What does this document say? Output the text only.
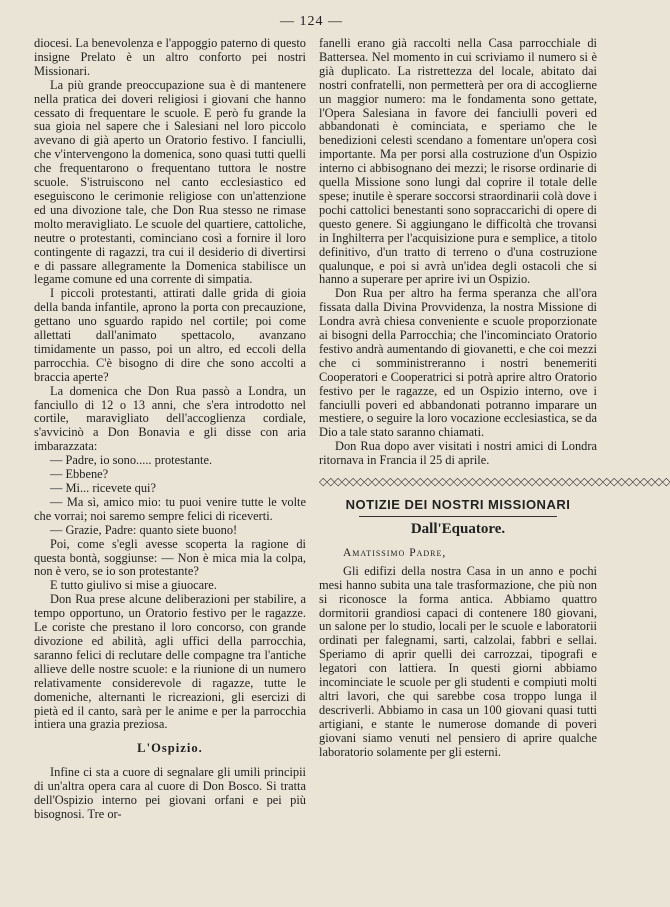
— 124 —

diocesi. La benevolenza e l'appoggio paterno di questo insigne Prelato è un altro conforto pei nostri Missionari.

La più grande preoccupazione sua è di mantenere nella pratica dei doveri religiosi i giovani che hanno cessato di frequentare le scuole. E però fu grande la sua gioia nel sapere che i Salesiani nel loro piccolo avevano di già aperto un Oratorio festivo. I fanciulli, che v'intervengono la domenica, sono quasi tutti quelli che frequentarono o frequentano tuttora le nostre scuole. S'istruiscono nel canto ecclesiastico ed eseguiscono le cerimonie religiose con un'attenzione ed una divozione tale, che Don Rua stesso ne rimase molto meravigliato. Le scuole del quartiere, cattoliche, neutre o protestanti, cominciano così a fornire il loro contingente di ragazzi, tra cui il desiderio di divertirsi e di passare allegramente la Domenica stabilisce un legame comune ed una corrente di simpatia.

I piccoli protestanti, attirati dalle grida di gioia della banda infantile, aprono la porta con precauzione, gettano uno sguardo rapido nel cortile; poi come allettati dall'animato spettacolo, avanzano timidamente un passo, poi un altro, ed eccoli della parrocchia. C'è bisogno di dire che sono accolti a braccia aperte?

La domenica che Don Rua passò a Londra, un fanciullo di 12 o 13 anni, che s'era introdotto nel cortile, maravigliato dell'accoglienza cordiale, s'avvicinò a Don Bonavia e gli disse con aria imbarazzata:

— Padre, io sono..... protestante.

— Ebbene?

— Mi... ricevete qui?

— Ma sì, amico mio: tu puoi venire tutte le volte che vorrai; noi saremo sempre felici di riceverti.

— Grazie, Padre: quanto siete buono!

Poi, come s'egli avesse scoperta la ragione di questa bontà, soggiunse: — Non è mica mia la colpa, non è vero, se io son protestante?

E tutto giulivo si mise a giuocare.

Don Rua prese alcune deliberazioni per stabilire, a tempo opportuno, un Oratorio festivo per le ragazze. Le coriste che prestano il loro concorso, con grande divozione ed abilità, agli uffici della parrocchia, saranno felici di reclutare delle compagne tra l'antiche allieve delle nostre scuole: e la riunione di un numero relativamente considerevole di ragazze, tutte le domeniche, alternanti le ricreazioni, gli esercizi di pietà ed il canto, sarà per le anime e per la parrocchia intiera una grazia preziosa.

L'Ospizio.

Infine ci sta a cuore di segnalare gli umili principii di un'altra opera cara al cuore di Don Bosco. Si tratta dell'Ospizio interno pei giovani orfani e pei più bisognosi. Tre or-

fanelli erano già raccolti nella Casa parrocchiale di Battersea. Nel momento in cui scriviamo il numero si è già duplicato. La ristrettezza del locale, abitato dai nostri confratelli, non permetterà per ora di accoglierne un maggior numero: ma le fondamenta sono gettate, l'Opera Salesiana in favore dei fanciulli poveri ed abbandonati è cominciata, e speriamo che le benedizioni celesti scendano a fomentare un'opera così importante. Ma per porsi alla costruzione d'un Ospizio interno ci abbisognano dei mezzi; le risorse ordinarie di quella Missione sono lungi dal coprire il totale delle spese; inutile è sperare soccorsi straordinarii colà dove i pochi cattolici benestanti sono sopraccarichi di opere di questo genere. Si aggiungano le difficoltà che trovansi in Inghilterra per l'acquisizione pura e semplice, a titolo definitivo, d'un tratto di terreno o d'una costruzione qualunque, e poi si avrà un'idea degli ostacoli che si hanno a superare per aprire ivi un Ospizio.

Don Rua per altro ha ferma speranza che all'ora fissata dalla Divina Provvidenza, la nostra Missione di Londra avrà chiesa conveniente e scuole proporzionate ai bisogni della Parrocchia; che l'incominciato Oratorio festivo andrà aumentando di giovanetti, e che coi mezzi che ci somministreranno i nostri benemeriti Cooperatori e Cooperatrici si potrà aprire altro Oratorio festivo per le ragazze, ed un Ospizio interno, ove i fanciulli poveri ed abbandonati potranno imparare un mestiere, o seguire la loro vocazione ecclesiastica, se da Dio a tale stato saranno chiamati.

Don Rua dopo aver visitati i nostri amici di Londra ritornava in Francia il 25 di aprile.

◇◇◇◇◇◇◇◇◇◇◇◇◇◇◇◇◇◇◇◇◇◇◇◇◇◇◇◇◇◇◇◇◇◇◇◇◇◇◇◇◇◇◇◇◇◇◇
NOTIZIE DEI NOSTRI MISSIONARI
Dall'Equatore.
Amatissimo Padre,

Gli edifizi della nostra Casa in un anno e pochi mesi hanno subita una tale trasformazione, che più non si riconosce la forma antica. Abbiamo quattro dormitorii grandiosi capaci di contenere 180 giovani, un salone per lo studio, locali per le scuole e laboratorii ordinati per falegnami, sarti, calzolai, fabbri e sellai. Speriamo di aprir quelli dei carrozzai, tipografi e legatori con lattiera. In questi giorni abbiamo incominciate le scuole per gli studenti e compiuti molti altri lavori, che qui sarebbe cosa troppo lunga il descriverli. Abbiamo in casa un 100 giovani quasi tutti artigiani, e stante le numerose domande di poveri giovani siamo venuti nel pensiero di aprire qualche laboratorio solamente per gli esterni.
